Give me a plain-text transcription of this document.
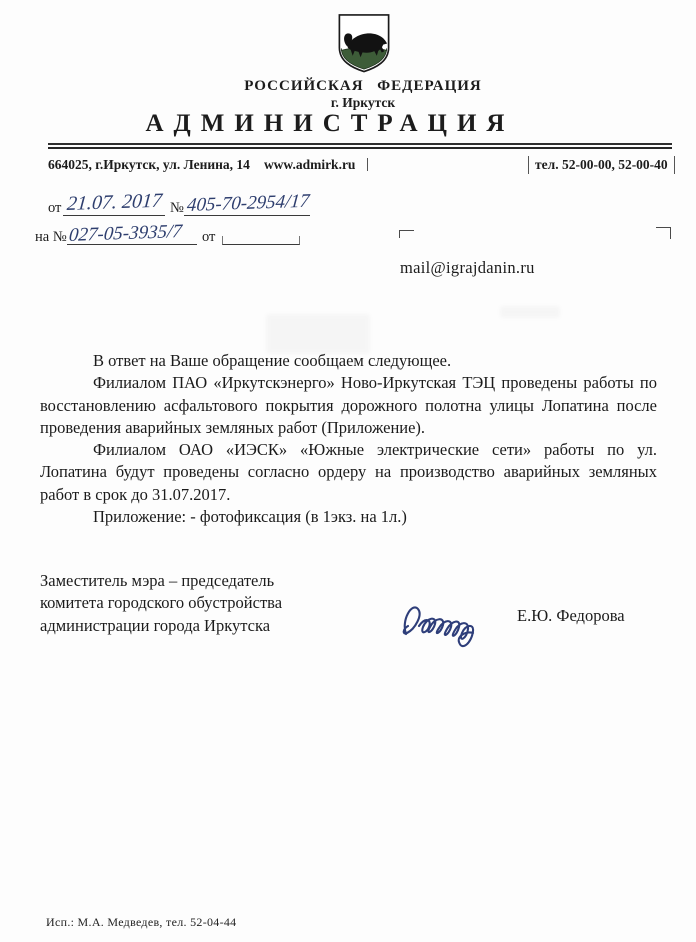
РОССИЙСКАЯ ФЕДЕРАЦИЯ
г. Иркутск
АДМИНИСТРАЦИЯ
664025, г.Иркутск, ул. Ленина, 14 www.admirk.ru	тел. 52-00-00, 52-00-40
от 21.07. 2017 № 405-70-2954/17
на № 027-05-3935/7 от
mail@igrajdanin.ru

В ответ на Ваше обращение сообщаем следующее.

Филиалом ПАО «Иркутскэнерго» Ново-Иркутская ТЭЦ проведены работы по восстановлению асфальтового покрытия дорожного полотна улицы Лопатина после проведения аварийных земляных работ (Приложение).

Филиалом ОАО «ИЭСК» «Южные электрические сети» работы по ул. Лопатина будут проведены согласно ордеру на производство аварийных земляных работ в срок до 31.07.2017.

Приложение: - фотофиксация (в 1экз. на 1л.)

Заместитель мэра – председатель
комитета городского обустройства
администрации города Иркутска
Е.Ю. Федорова
Исп.: М.А. Медведев, тел. 52-04-44
